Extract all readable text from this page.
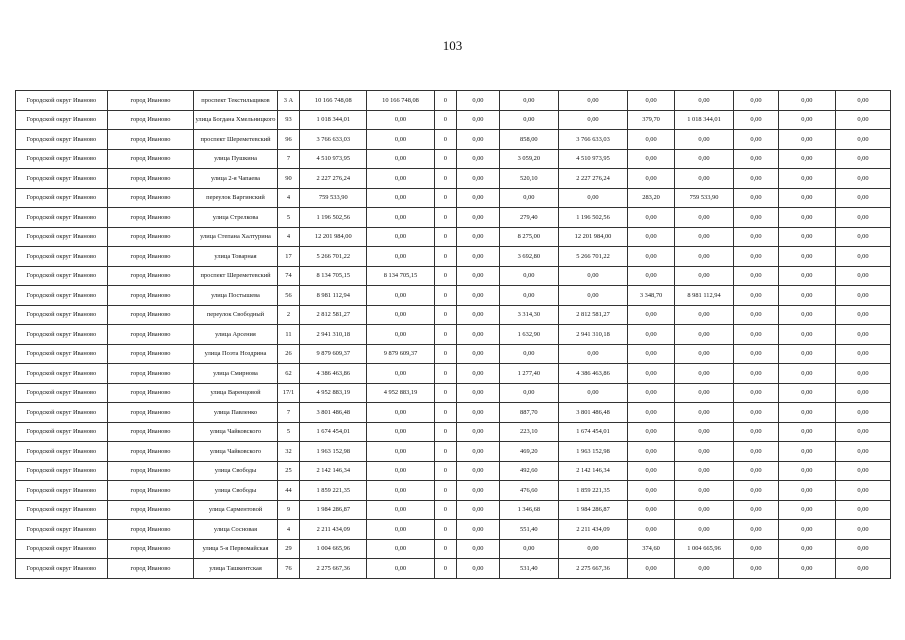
103
Городской округ Иваново	город Иваново	проспект Текстильщиков	3 А	10 166 748,08	10 166 748,08	0	0,00	0,00	0,00	0,00	0,00	0,00	0,00	0,00
Городской округ Иваново	город Иваново	улица Богдана Хмельницкого	93	1 018 344,01	0,00	0	0,00	0,00	0,00	379,70	1 018 344,01	0,00	0,00	0,00
Городской округ Иваново	город Иваново	проспект Шереметевский	96	3 766 633,03	0,00	0	0,00	858,00	3 766 633,03	0,00	0,00	0,00	0,00	0,00
Городской округ Иваново	город Иваново	улица Пушкина	7	4 510 973,95	0,00	0	0,00	3 059,20	4 510 973,95	0,00	0,00	0,00	0,00	0,00
Городской округ Иваново	город Иваново	улица 2-я Чапаева	90	2 227 276,24	0,00	0	0,00	520,10	2 227 276,24	0,00	0,00	0,00	0,00	0,00
Городской округ Иваново	город Иваново	переулок Варгинский	4	759 533,90	0,00	0	0,00	0,00	0,00	283,20	759 533,90	0,00	0,00	0,00
Городской округ Иваново	город Иваново	улица Стрелкова	5	1 196 502,56	0,00	0	0,00	279,40	1 196 502,56	0,00	0,00	0,00	0,00	0,00
Городской округ Иваново	город Иваново	улица Степана Халтурина	4	12 201 984,00	0,00	0	0,00	8 275,00	12 201 984,00	0,00	0,00	0,00	0,00	0,00
Городской округ Иваново	город Иваново	улица Товарная	17	5 266 701,22	0,00	0	0,00	3 692,80	5 266 701,22	0,00	0,00	0,00	0,00	0,00
Городской округ Иваново	город Иваново	проспект Шереметевский	74	8 134 705,15	8 134 705,15	0	0,00	0,00	0,00	0,00	0,00	0,00	0,00	0,00
Городской округ Иваново	город Иваново	улица Постышева	56	8 981 112,94	0,00	0	0,00	0,00	0,00	3 348,70	8 981 112,94	0,00	0,00	0,00
Городской округ Иваново	город Иваново	переулок Свободный	2	2 812 581,27	0,00	0	0,00	3 314,30	2 812 581,27	0,00	0,00	0,00	0,00	0,00
Городской округ Иваново	город Иваново	улица Арсения	11	2 941 310,18	0,00	0	0,00	1 632,90	2 941 310,18	0,00	0,00	0,00	0,00	0,00
Городской округ Иваново	город Иваново	улица Поэта Ноздрина	26	9 879 609,37	9 879 609,37	0	0,00	0,00	0,00	0,00	0,00	0,00	0,00	0,00
Городской округ Иваново	город Иваново	улица Смирнова	62	4 386 463,86	0,00	0	0,00	1 277,40	4 386 463,86	0,00	0,00	0,00	0,00	0,00
Городской округ Иваново	город Иваново	улица Варенцовой	17/1	4 952 883,19	4 952 883,19	0	0,00	0,00	0,00	0,00	0,00	0,00	0,00	0,00
Городской округ Иваново	город Иваново	улица Павленко	7	3 801 486,48	0,00	0	0,00	887,70	3 801 486,48	0,00	0,00	0,00	0,00	0,00
Городской округ Иваново	город Иваново	улица Чайковского	5	1 674 454,01	0,00	0	0,00	223,10	1 674 454,01	0,00	0,00	0,00	0,00	0,00
Городской округ Иваново	город Иваново	улица Чайковского	32	1 963 152,98	0,00	0	0,00	469,20	1 963 152,98	0,00	0,00	0,00	0,00	0,00
Городской округ Иваново	город Иваново	улица Свободы	25	2 142 146,34	0,00	0	0,00	492,60	2 142 146,34	0,00	0,00	0,00	0,00	0,00
Городской округ Иваново	город Иваново	улица Свободы	44	1 859 221,35	0,00	0	0,00	476,60	1 859 221,35	0,00	0,00	0,00	0,00	0,00
Городской округ Иваново	город Иваново	улица Сарментовой	9	1 984 286,87	0,00	0	0,00	1 346,68	1 984 286,87	0,00	0,00	0,00	0,00	0,00
Городской округ Иваново	город Иваново	улица Сосновая	4	2 211 434,09	0,00	0	0,00	551,40	2 211 434,09	0,00	0,00	0,00	0,00	0,00
Городской округ Иваново	город Иваново	улица 5-я Первомайская	29	1 004 665,96	0,00	0	0,00	0,00	0,00	374,60	1 004 665,96	0,00	0,00	0,00
Городской округ Иваново	город Иваново	улица Ташкентская	76	2 275 667,36	0,00	0	0,00	531,40	2 275 667,36	0,00	0,00	0,00	0,00	0,00
